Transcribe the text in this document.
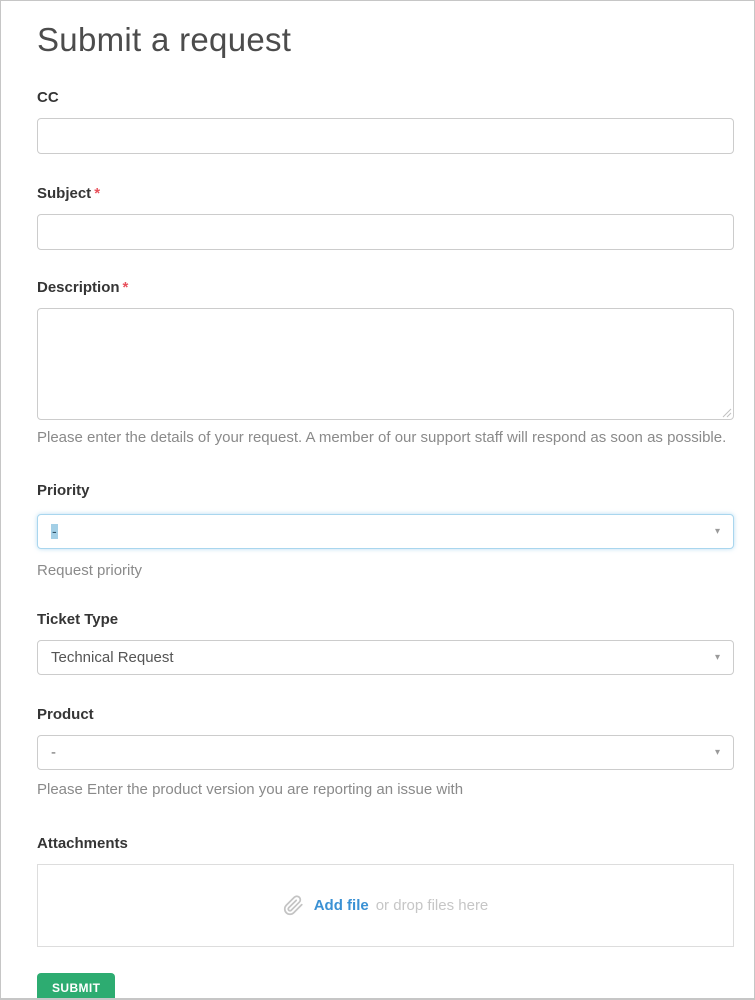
Submit a request
CC
Subject *
Description *
Please enter the details of your request. A member of our support staff will respond as soon as possible.
Priority
-	▾
Request priority
Ticket Type
Technical Request	▾
Product
-	▾
Please Enter the product version you are reporting an issue with
Attachments
Add file or drop files here
SUBMIT
